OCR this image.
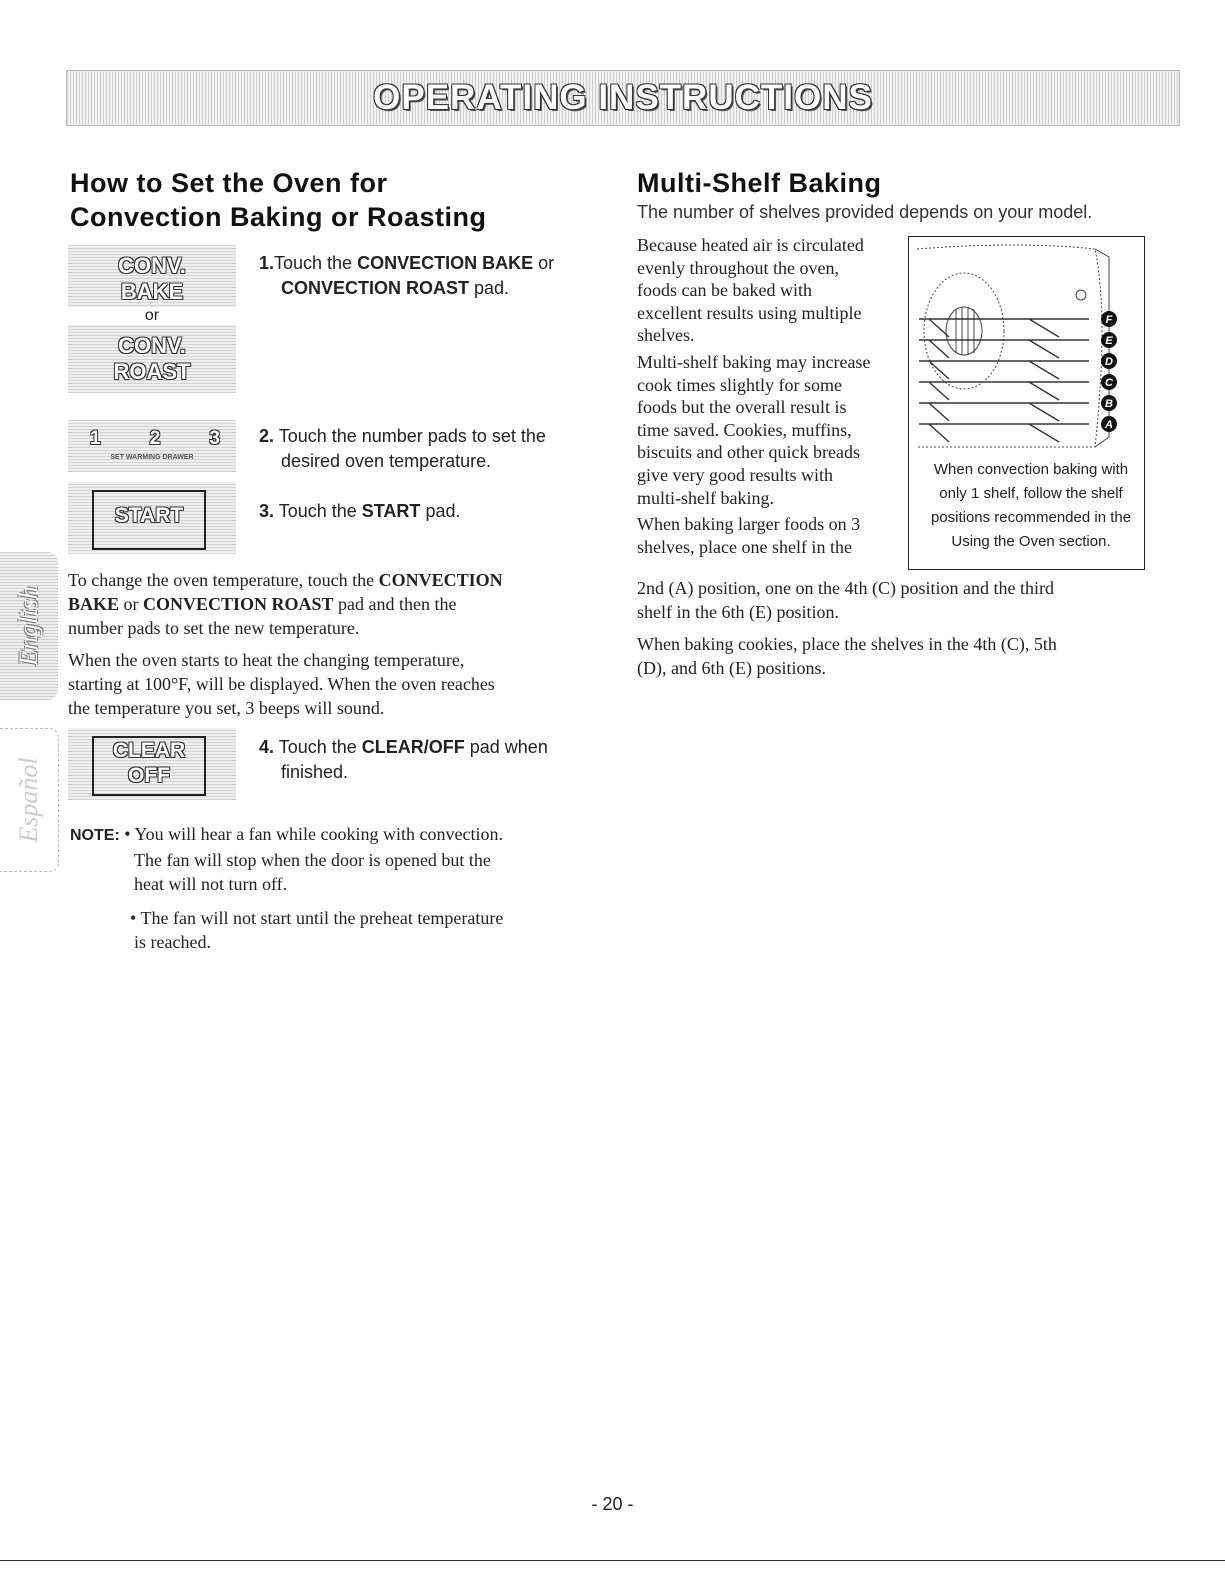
OPERATING INSTRUCTIONS
How to Set the Oven for
Convection Baking or Roasting
CONV.
BAKE
or
CONV.
ROAST
1	2	3
SET WARMING DRAWER
START
CLEAR
OFF
1.Touch the CONVECTION BAKE or
CONVECTION ROAST pad.
2. Touch the number pads to set the
desired oven temperature.
3. Touch the START pad.
To change the oven temperature, touch the CONVECTION
BAKE or CONVECTION ROAST pad and then the
number pads to set the new temperature.
When the oven starts to heat the changing temperature,
starting at 100°F, will be displayed. When the oven reaches
the temperature you set, 3 beeps will sound.
4. Touch the CLEAR/OFF pad when
finished.
NOTE: • You will hear a fan while cooking with convection.
The fan will stop when the door is opened but the
heat will not turn off.
• The fan will not start until the preheat temperature
is reached.
English
Español
Multi-Shelf Baking
The number of shelves provided depends on your model.
Because heated air is circulated
evenly throughout the oven,
foods can be baked with
excellent results using multiple
shelves.
Multi-shelf baking may increase
cook times slightly for some
foods but the overall result is
time saved. Cookies, muffins,
biscuits and other quick breads
give very good results with
multi-shelf baking.
When baking larger foods on 3
shelves, place one shelf in the
2nd (A) position, one on the 4th (C) position and the third
shelf in the 6th (E) position.
When baking cookies, place the shelves in the 4th (C), 5th
(D), and 6th (E) positions.
F
E
D
C
B
A
When convection baking with
only 1 shelf, follow the shelf
positions recommended in the
Using the Oven section.
- 20 -
